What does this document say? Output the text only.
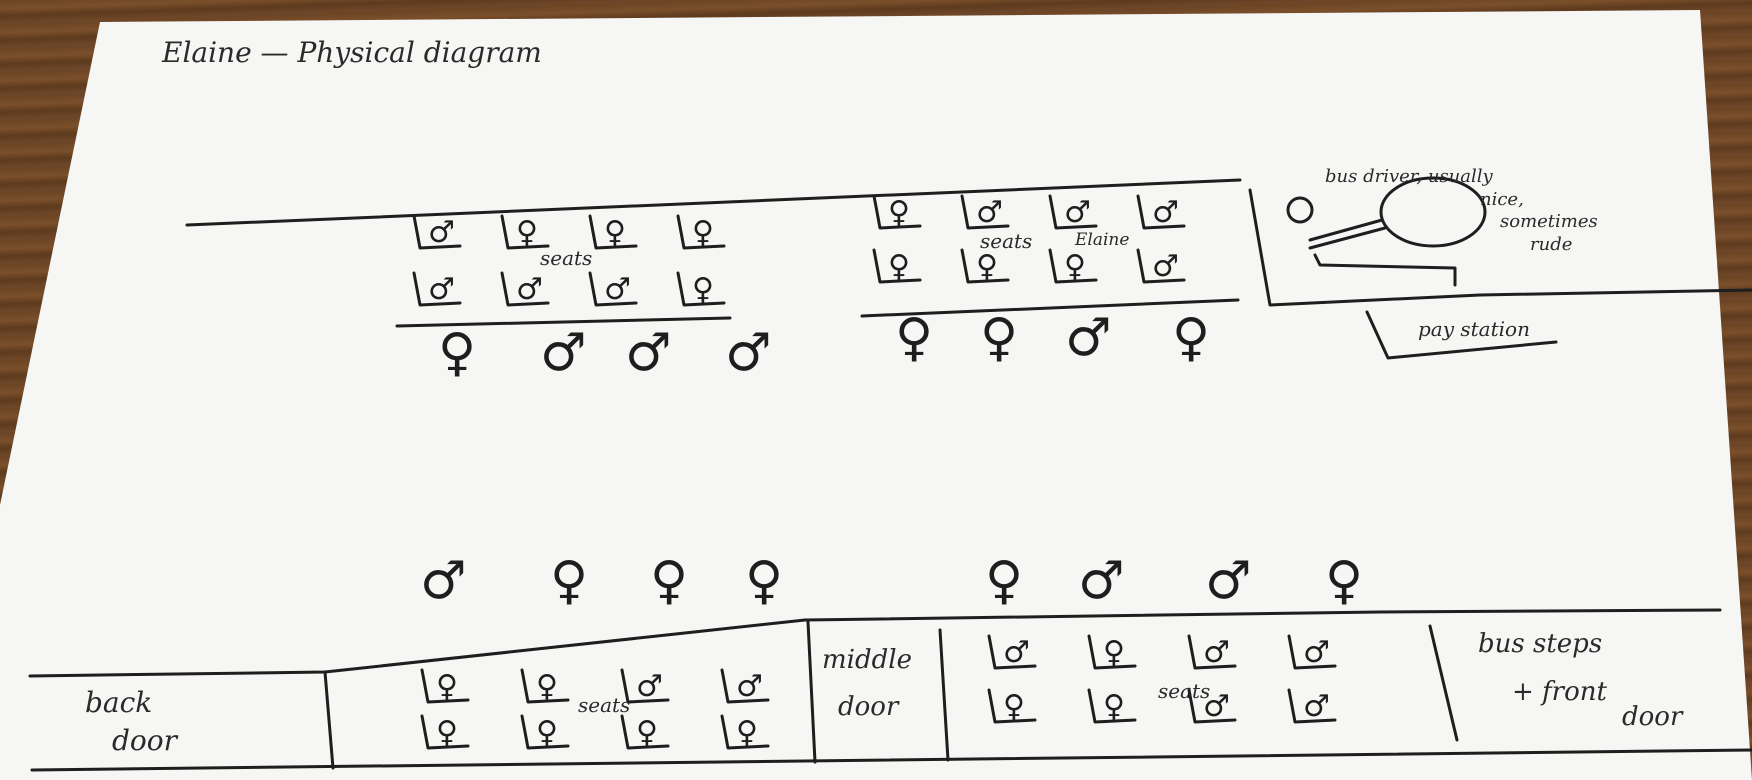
Elaine — Physical diagram
bus driver, usually nice, sometimes rude
pay station
back door
middle door
bus steps + front door
seats
seats	Elaine
seats
seats
♂ ♀ ♀ ♀
♂ ♂ ♂ ♀
♀ ♂ ♂ ♂
♀ ♀ ♀ ♂
♀	♀	♂ ♂
♀	♀	♀	♀
♂ ♀	♂ ♂
♀	♀	♂ ♂
♀ ♂ ♂ ♂ ♀ ♀ ♂ ♀
♂ ♀ ♀ ♀	♀ ♂ ♂ ♀
